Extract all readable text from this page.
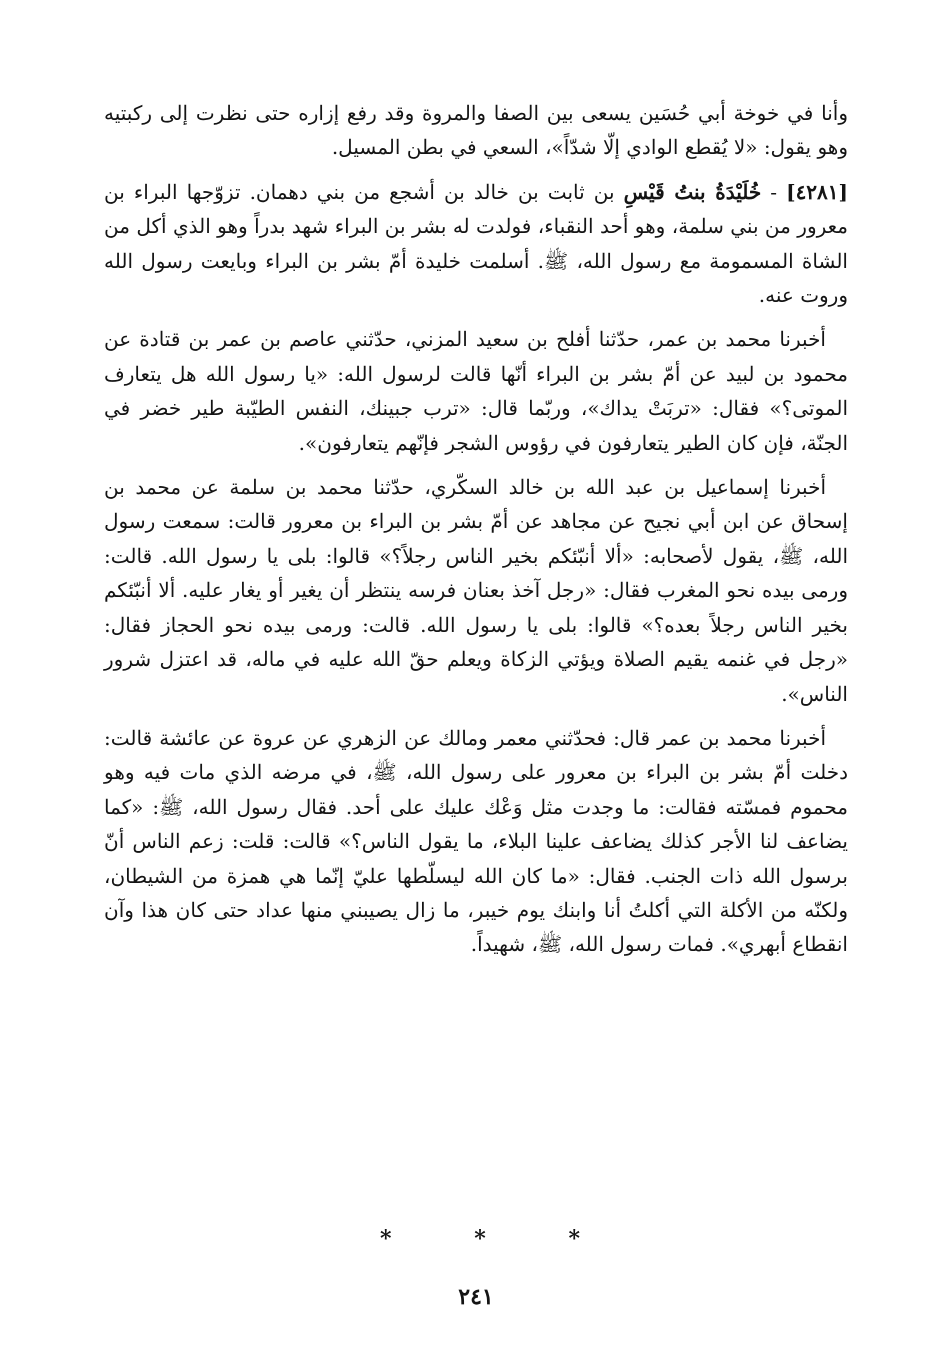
وأنا في خوخة أبي حُسَين يسعى بين الصفا والمروة وقد رفع إزاره حتى نظرت إلى ركبتيه وهو يقول: «لا يُقطع الوادي إلّا شدّاً»، السعي في بطن المسيل.

[٤٢٨١] - خُلَيْدَةُ بنتُ قَيْسِ بن ثابت بن خالد بن أشجع من بني دهمان. تزوّجها البراء بن معرور من بني سلمة، وهو أحد النقباء، فولدت له بشر بن البراء شهد بدراً وهو الذي أكل من الشاة المسمومة مع رسول الله، ﷺ. أسلمت خليدة أمّ بشر بن البراء وبايعت رسول الله وروت عنه.

أخبرنا محمد بن عمر، حدّثنا أفلح بن سعيد المزني، حدّثني عاصم بن عمر بن قتادة عن محمود بن لبيد عن أمّ بشر بن البراء أنّها قالت لرسول الله: «يا رسول الله هل يتعارف الموتى؟» فقال: «تربَتْ يداك»، وربّما قال: «ترب جبينك، النفس الطيّبة طير خضر في الجنّة، فإن كان الطير يتعارفون في رؤوس الشجر فإنّهم يتعارفون».

أخبرنا إسماعيل بن عبد الله بن خالد السكّري، حدّثنا محمد بن سلمة عن محمد بن إسحاق عن ابن أبي نجيح عن مجاهد عن أمّ بشر بن البراء بن معرور قالت: سمعت رسول الله، ﷺ، يقول لأصحابه: «ألا أنبّئكم بخير الناس رجلاً؟» قالوا: بلى يا رسول الله. قالت: ورمى بيده نحو المغرب فقال: «رجل آخذ بعنان فرسه ينتظر أن يغير أو يغار عليه. ألا أنبّئكم بخير الناس رجلاً بعده؟» قالوا: بلى يا رسول الله. قالت: ورمى بيده نحو الحجاز فقال: «رجل في غنمه يقيم الصلاة ويؤتي الزكاة ويعلم حقّ الله عليه في ماله، قد اعتزل شرور الناس».

أخبرنا محمد بن عمر قال: فحدّثني معمر ومالك عن الزهري عن عروة عن عائشة قالت: دخلت أمّ بشر بن البراء بن معرور على رسول الله، ﷺ، في مرضه الذي مات فيه وهو محموم فمسّته فقالت: ما وجدت مثل وَعْك عليك على أحد. فقال رسول الله، ﷺ: «كما يضاعف لنا الأجر كذلك يضاعف علينا البلاء، ما يقول الناس؟» قالت: قلت: زعم الناس أنّ برسول الله ذات الجنب. فقال: «ما كان الله ليسلّطها عليّ إنّما هي همزة من الشيطان، ولكنّه من الأكلة التي أكلتُ أنا وابنك يوم خيبر، ما زال يصيبني منها عداد حتى كان هذا وآن انقطاع أبهري». فمات رسول الله، ﷺ، شهيداً.

*	*	*
٢٤١
